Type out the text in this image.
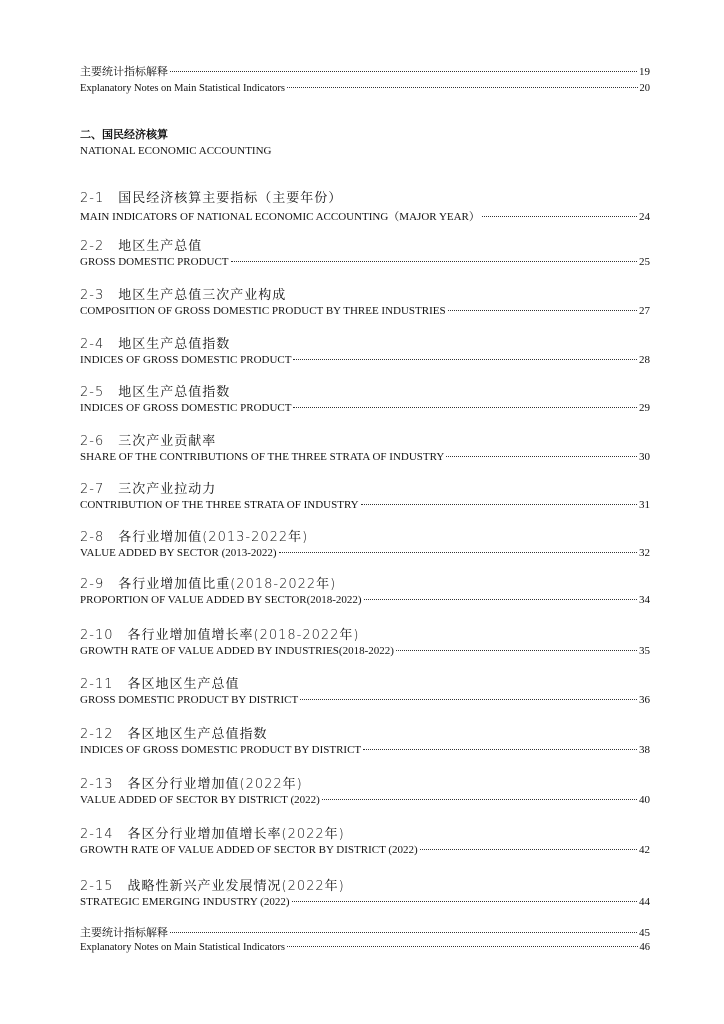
主要统计指标解释	19
Explanatory Notes on Main Statistical Indicators	20
二、国民经济核算
NATIONAL ECONOMIC ACCOUNTING
2-1　国民经济核算主要指标（主要年份）
MAIN INDICATORS OF NATIONAL ECONOMIC ACCOUNTING（MAJOR YEAR）	24
2-2　地区生产总值
GROSS DOMESTIC PRODUCT	25
2-3　地区生产总值三次产业构成
COMPOSITION OF GROSS DOMESTIC PRODUCT BY THREE INDUSTRIES	27
2-4　地区生产总值指数
INDICES OF GROSS DOMESTIC PRODUCT	28
2-5　地区生产总值指数
INDICES OF GROSS DOMESTIC PRODUCT	29
2-6　三次产业贡献率
SHARE OF THE CONTRIBUTIONS OF THE THREE STRATA OF INDUSTRY	30
2-7　三次产业拉动力
CONTRIBUTION OF THE THREE STRATA OF INDUSTRY	31
2-8　各行业增加值(2013-2022年)
VALUE ADDED BY SECTOR (2013-2022)	32
2-9　各行业增加值比重(2018-2022年)
PROPORTION OF VALUE ADDED BY SECTOR(2018-2022)	34
2-10　各行业增加值增长率(2018-2022年)
GROWTH RATE OF VALUE ADDED BY INDUSTRIES(2018-2022)	35
2-11　各区地区生产总值
GROSS DOMESTIC PRODUCT BY DISTRICT	36
2-12　各区地区生产总值指数
INDICES OF GROSS DOMESTIC PRODUCT BY DISTRICT	38
2-13　各区分行业增加值(2022年)
VALUE ADDED OF SECTOR BY DISTRICT (2022)	40
2-14　各区分行业增加值增长率(2022年)
GROWTH RATE OF VALUE ADDED OF SECTOR BY DISTRICT (2022)	42
2-15　战略性新兴产业发展情况(2022年)
STRATEGIC EMERGING INDUSTRY (2022)	44
主要统计指标解释	45
Explanatory Notes on Main Statistical Indicators	46
